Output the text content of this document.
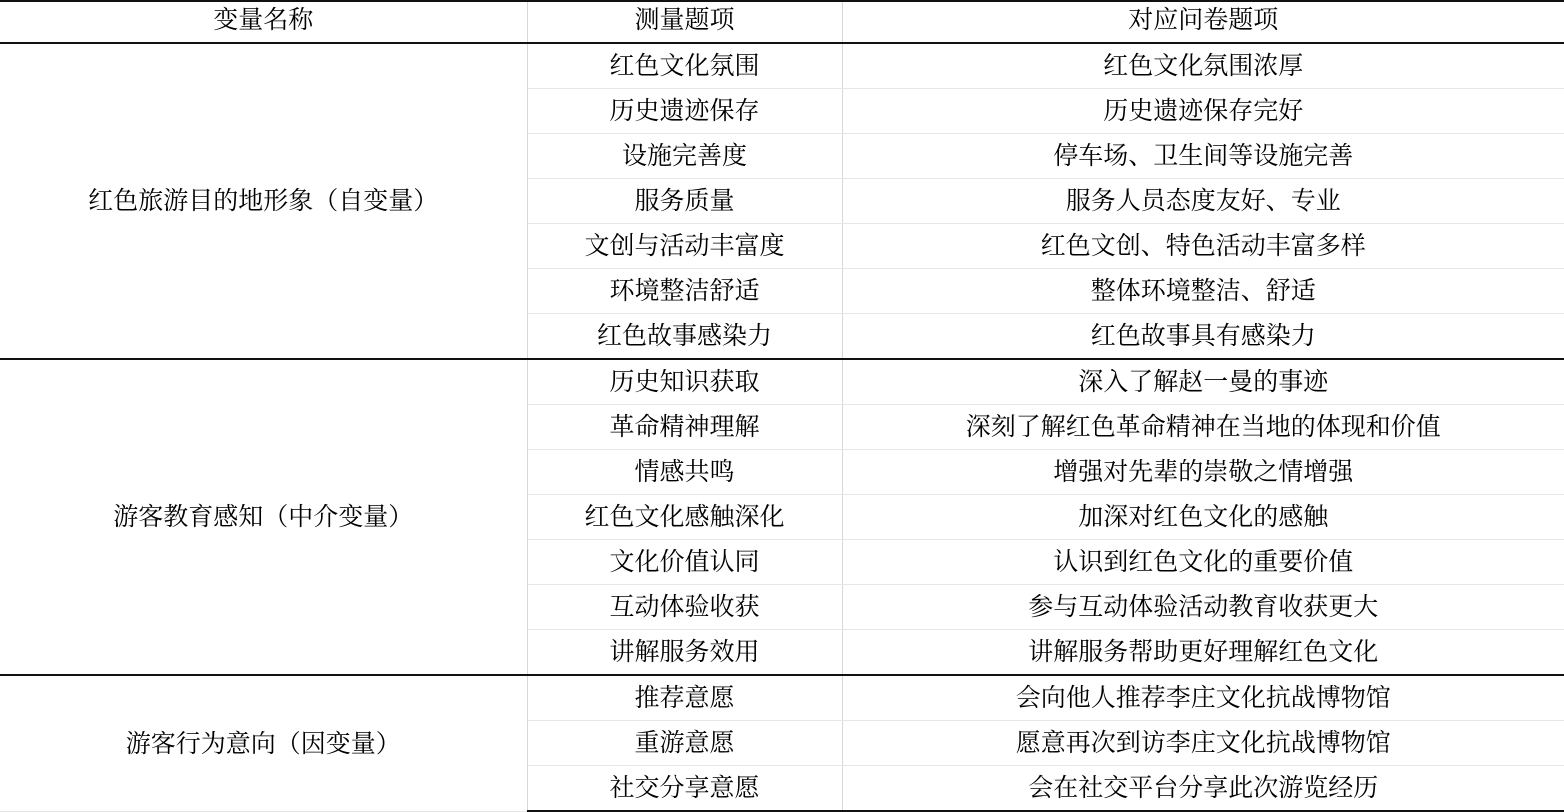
变量名称	测量题项	对应问卷题项
红色旅游目的地形象（自变量）	红色文化氛围	红色文化氛围浓厚
	历史遗迹保存	历史遗迹保存完好
	设施完善度	停车场、卫生间等设施完善
	服务质量	服务人员态度友好、专业
	文创与活动丰富度	红色文创、特色活动丰富多样
	环境整洁舒适	整体环境整洁、舒适
	红色故事感染力	红色故事具有感染力
游客教育感知（中介变量）	历史知识获取	深入了解赵一曼的事迹
	革命精神理解	深刻了解红色革命精神在当地的体现和价值
	情感共鸣	增强对先辈的崇敬之情增强
	红色文化感触深化	加深对红色文化的感触
	文化价值认同	认识到红色文化的重要价值
	互动体验收获	参与互动体验活动教育收获更大
	讲解服务效用	讲解服务帮助更好理解红色文化
游客行为意向（因变量）	推荐意愿	会向他人推荐李庄文化抗战博物馆
	重游意愿	愿意再次到访李庄文化抗战博物馆
	社交分享意愿	会在社交平台分享此次游览经历
